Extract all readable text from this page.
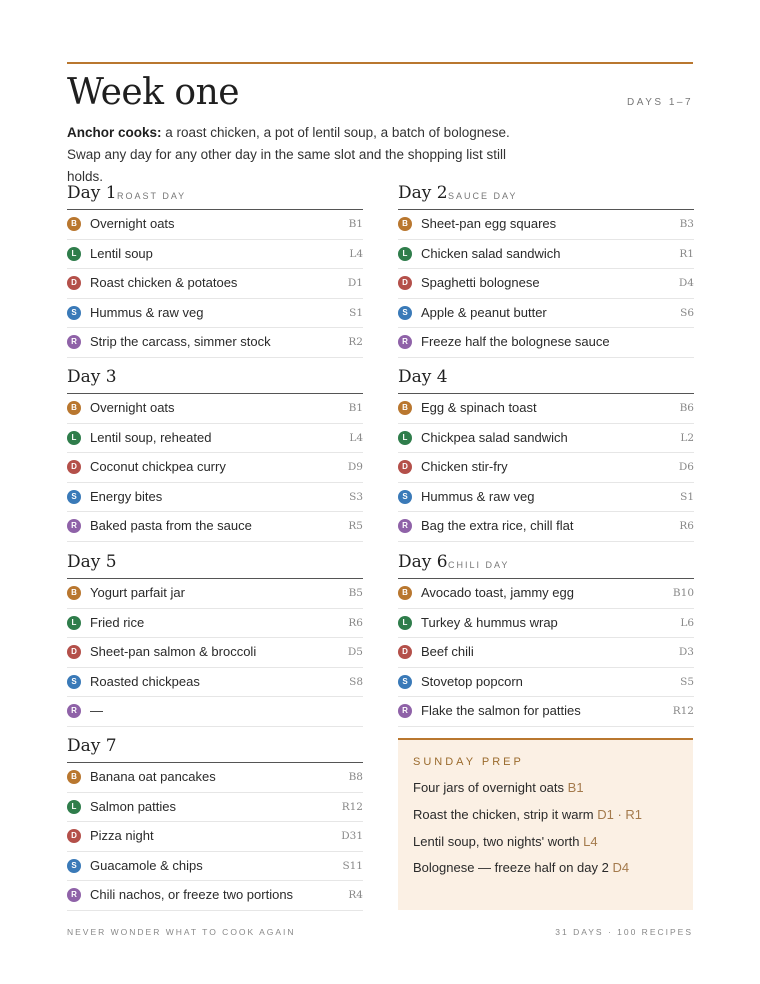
Week one	DAYS 1–7
Anchor cooks: a roast chicken, a pot of lentil soup, a batch of bolognese. Swap any day for any other day in the same slot and the shopping list still holds.
Day 1 ROAST DAY
B	Overnight oats	B1
L	Lentil soup	L4
D	Roast chicken & potatoes	D1
S	Hummus & raw veg	S1
R	Strip the carcass, simmer stock	R2
Day 2 SAUCE DAY
B	Sheet-pan egg squares	B3
L	Chicken salad sandwich	R1
D	Spaghetti bolognese	D4
S	Apple & peanut butter	S6
R	Freeze half the bolognese sauce
Day 3
B	Overnight oats	B1
L	Lentil soup, reheated	L4
D	Coconut chickpea curry	D9
S	Energy bites	S3
R	Baked pasta from the sauce	R5
Day 4
B	Egg & spinach toast	B6
L	Chickpea salad sandwich	L2
D	Chicken stir-fry	D6
S	Hummus & raw veg	S1
R	Bag the extra rice, chill flat	R6
Day 5
B	Yogurt parfait jar	B5
L	Fried rice	R6
D	Sheet-pan salmon & broccoli	D5
S	Roasted chickpeas	S8
R	—
Day 6 CHILI DAY
B	Avocado toast, jammy egg	B10
L	Turkey & hummus wrap	L6
D	Beef chili	D3
S	Stovetop popcorn	S5
R	Flake the salmon for patties	R12
Day 7
B	Banana oat pancakes	B8
L	Salmon patties	R12
D	Pizza night	D31
S	Guacamole & chips	S11
R	Chili nachos, or freeze two portions	R4
SUNDAY PREP
Four jars of overnight oats B1
Roast the chicken, strip it warm D1 · R1
Lentil soup, two nights' worth L4
Bolognese — freeze half on day 2 D4
NEVER WONDER WHAT TO COOK AGAIN	31 DAYS · 100 RECIPES
